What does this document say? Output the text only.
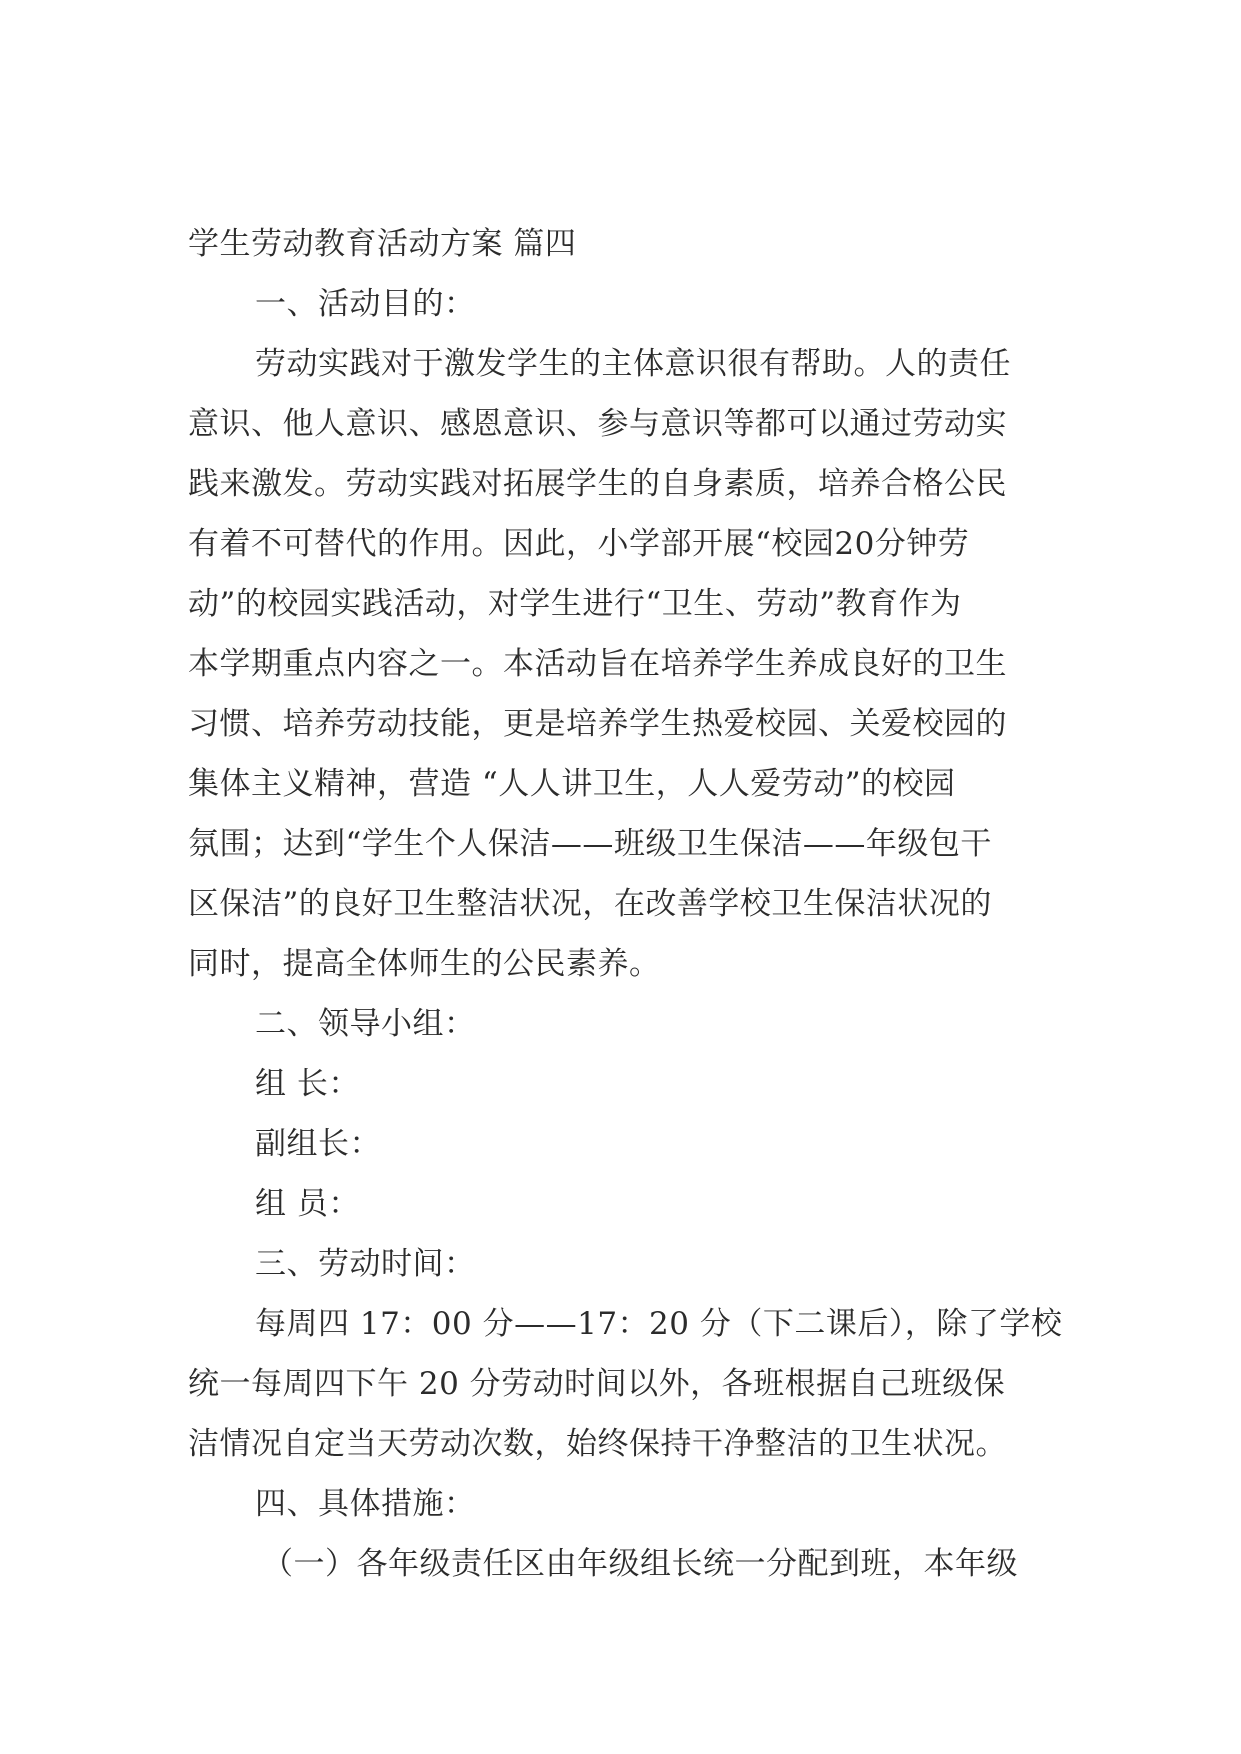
学生劳动教育活动方案 篇四
一、活动目的：
劳动实践对于激发学生的主体意识很有帮助。人的责任
意识、他人意识、感恩意识、参与意识等都可以通过劳动实
践来激发。劳动实践对拓展学生的自身素质，培养合格公民
有着不可替代的作用。因此，小学部开展“校园20分钟劳
动”的校园实践活动，对学生进行“卫生、劳动”教育作为
本学期重点内容之一。本活动旨在培养学生养成良好的卫生
习惯、培养劳动技能，更是培养学生热爱校园、关爱校园的
集体主义精神，营造 “人人讲卫生，人人爱劳动”的校园
氛围；达到“学生个人保洁——班级卫生保洁——年级包干
区保洁”的良好卫生整洁状况，在改善学校卫生保洁状况的
同时，提高全体师生的公民素养。
二、领导小组：
组 长：
副组长：
组 员：
三、劳动时间：
每周四 17：00 分——17：20 分（下二课后），除了学校
统一每周四下午 20 分劳动时间以外，各班根据自己班级保
洁情况自定当天劳动次数，始终保持干净整洁的卫生状况。
四、具体措施：
（一）各年级责任区由年级组长统一分配到班，本年级
